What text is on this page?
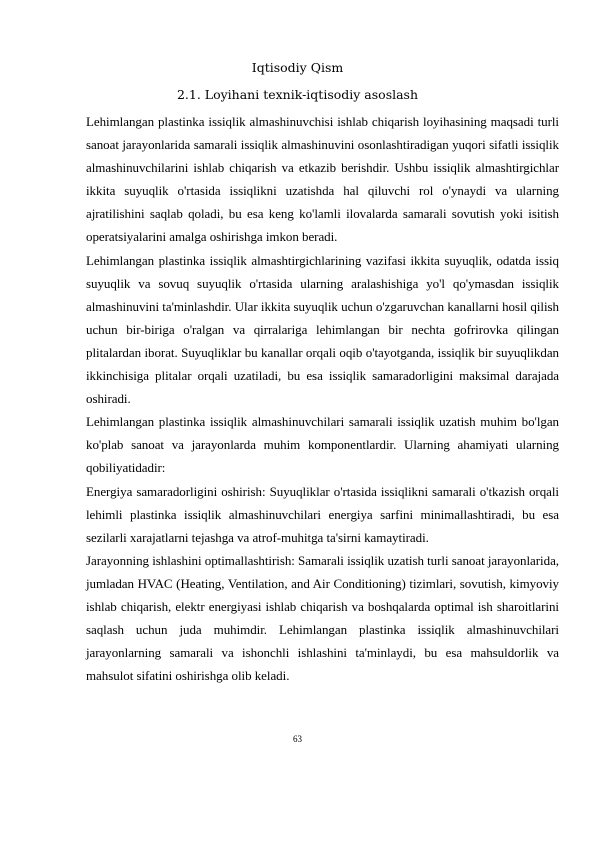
Iqtisodiy Qism
2.1. Loyihani texnik-iqtisodiy asoslash

Lehimlangan plastinka issiqlik almashinuvchisi ishlab chiqarish loyihasining maqsadi turli sanoat jarayonlarida samarali issiqlik almashinuvini osonlashtiradigan yuqori sifatli issiqlik almashinuvchilarini ishlab chiqarish va etkazib berishdir. Ushbu issiqlik almashtirgichlar ikkita suyuqlik o'rtasida issiqlikni uzatishda hal qiluvchi rol o'ynaydi va ularning ajratilishini saqlab qoladi, bu esa keng ko'lamli ilovalarda samarali sovutish yoki isitish operatsiyalarini amalga oshirishga imkon beradi.

Lehimlangan plastinka issiqlik almashtirgichlarining vazifasi ikkita suyuqlik, odatda issiq suyuqlik va sovuq suyuqlik o'rtasida ularning aralashishiga yo'l qo'ymasdan issiqlik almashinuvini ta'minlashdir. Ular ikkita suyuqlik uchun o'zgaruvchan kanallarni hosil qilish uchun bir-biriga o'ralgan va qirralariga lehimlangan bir nechta gofrirovka qilingan plitalardan iborat. Suyuqliklar bu kanallar orqali oqib o'tayotganda, issiqlik bir suyuqlikdan ikkinchisiga plitalar orqali uzatiladi, bu esa issiqlik samaradorligini maksimal darajada oshiradi.

Lehimlangan plastinka issiqlik almashinuvchilari samarali issiqlik uzatish muhim bo'lgan ko'plab sanoat va jarayonlarda muhim komponentlardir. Ularning ahamiyati ularning qobiliyatidadir:

Energiya samaradorligini oshirish: Suyuqliklar o'rtasida issiqlikni samarali o'tkazish orqali lehimli plastinka issiqlik almashinuvchilari energiya sarfini minimallashtiradi, bu esa sezilarli xarajatlarni tejashga va atrof-muhitga ta'sirni kamaytiradi.

Jarayonning ishlashini optimallashtirish: Samarali issiqlik uzatish turli sanoat jarayonlarida, jumladan HVAC (Heating, Ventilation, and Air Conditioning) tizimlari, sovutish, kimyoviy ishlab chiqarish, elektr energiyasi ishlab chiqarish va boshqalarda optimal ish sharoitlarini saqlash uchun juda muhimdir. Lehimlangan plastinka issiqlik almashinuvchilari jarayonlarning samarali va ishonchli ishlashini ta'minlaydi, bu esa mahsuldorlik va mahsulot sifatini oshirishga olib keladi.

63
